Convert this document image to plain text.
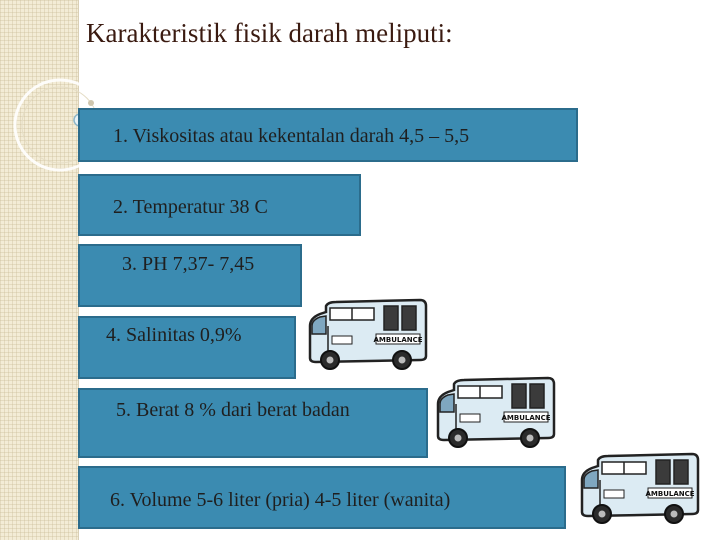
Karakteristik fisik darah meliputi:
1. Viskositas atau kekentalan darah 4,5 – 5,5
2. Temperatur 38 C
3. PH 7,37- 7,45
4. Salinitas 0,9%
5. Berat 8 % dari berat badan
6. Volume 5-6 liter (pria) 4-5 liter (wanita)
AMBULANCE
AMBULANCE
AMBULANCE
